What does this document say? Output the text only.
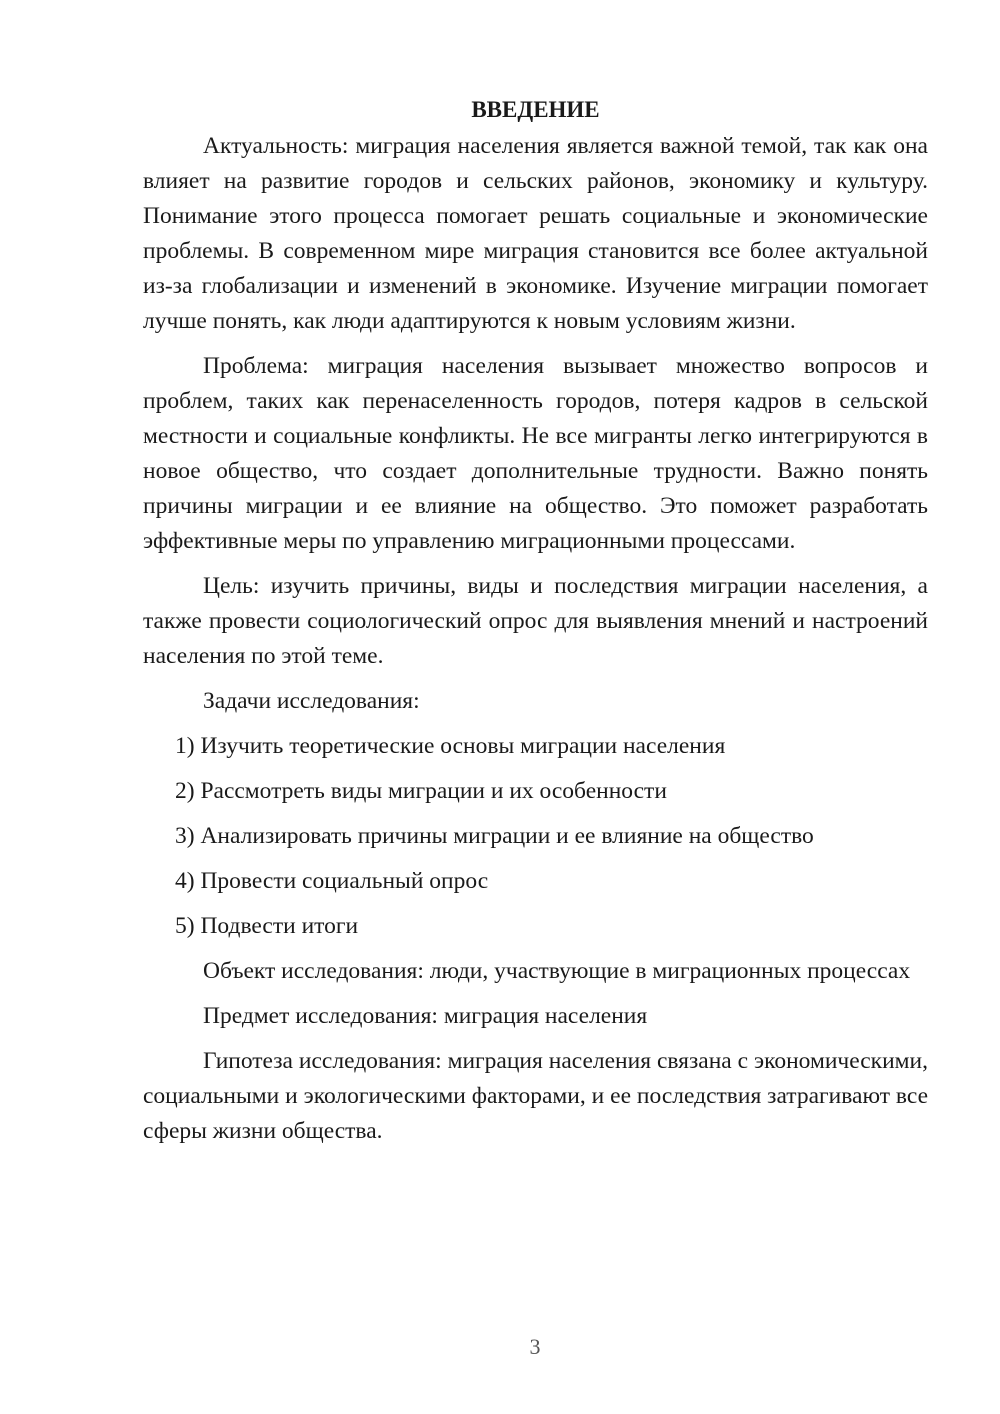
ВВЕДЕНИЕ

Актуальность: миграция населения является важной темой, так как она влияет на развитие городов и сельских районов, экономику и культуру. Понимание этого процесса помогает решать социальные и экономические проблемы. В современном мире миграция становится все более актуальной из-за глобализации и изменений в экономике. Изучение миграции помогает лучше понять, как люди адаптируются к новым условиям жизни.

Проблема: миграция населения вызывает множество вопросов и проблем, таких как перенаселенность городов, потеря кадров в сельской местности и социальные конфликты. Не все мигранты легко интегрируются в новое общество, что создает дополнительные трудности. Важно понять причины миграции и ее влияние на общество. Это поможет разработать эффективные меры по управлению миграционными процессами.

Цель: изучить причины, виды и последствия миграции населения, а также провести социологический опрос для выявления мнений и настроений населения по этой теме.

Задачи исследования:

1) Изучить теоретические основы миграции населения
2) Рассмотреть виды миграции и их особенности
3) Анализировать причины миграции и ее влияние на общество
4) Провести социальный опрос
5) Подвести итоги

Объект исследования: люди, участвующие в миграционных процессах

Предмет исследования: миграция населения

Гипотеза исследования: миграция населения связана с экономическими, социальными и экологическими факторами, и ее последствия затрагивают все сферы жизни общества.

3
